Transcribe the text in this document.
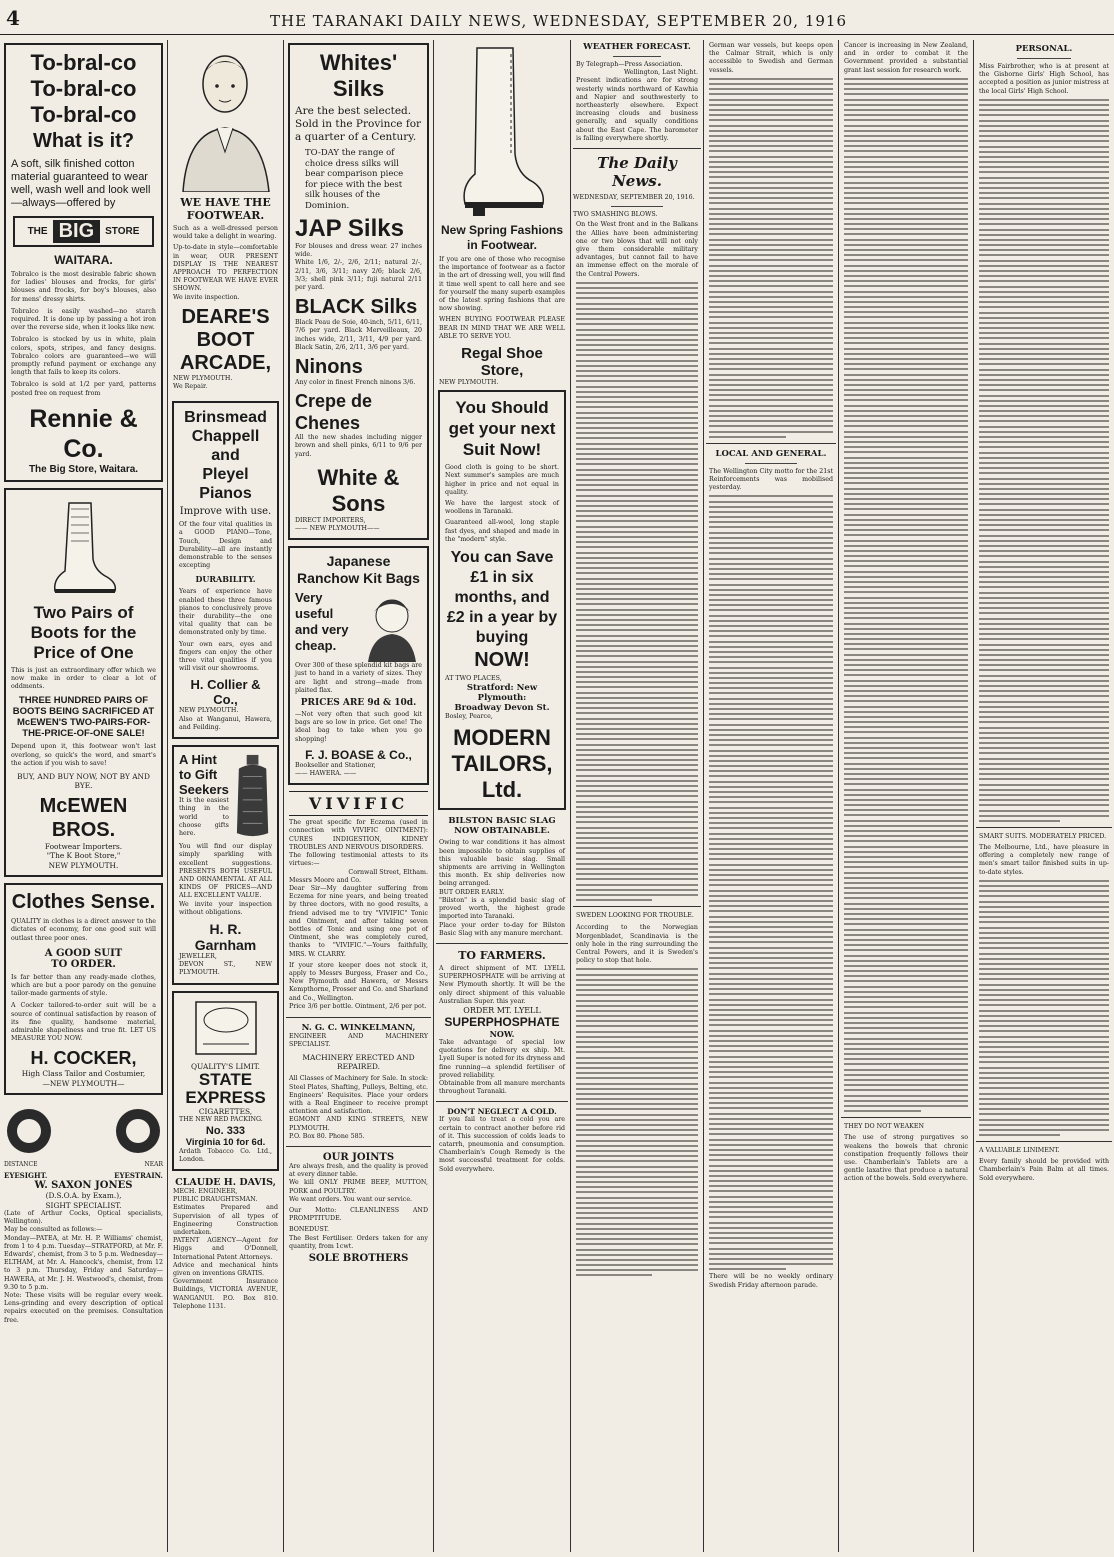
4	THE TARANAKI DAILY NEWS, WEDNESDAY, SEPTEMBER 20, 1916
To-bral-co
To-bral-co
To-bral-co
What is it?
A soft, silk finished cotton material guaranteed to wear well, wash well and look well—always—offered by
THE BIG	STORE
WAITARA.
Tobralco is the most desirable fabric shown for ladies' blouses and frocks, for girls' blouses and frocks, for boy's blouses, also for mens' dressy shirts.
Tobralco is easily washed—no starch required. It is done up by passing a hot iron over the reverse side, when it looks like new.
Tobralco is stocked by us in white, plain colors, spots, stripes, and fancy designs. Tobralco colors are guaranteed—we will promptly refund payment or exchange any length that fails to keep its colors.
Tobralco is sold at 1/2 per yard, patterns posted free on request from
Rennie & Co.
The Big Store, Waitara.
Two Pairs of Boots for the Price of One
This is just an extraordinary offer which we now make in order to clear a lot of oddments.
THREE HUNDRED PAIRS OF BOOTS BEING SACRIFICED AT McEWEN'S TWO-PAIRS-FOR-THE-PRICE-OF-ONE SALE!
Depend upon it, this footwear won't last overlong, so quick's the word, and smart's the action if you wish to save!
BUY, AND BUY NOW, NOT BY AND BYE.
McEWEN BROS.
Footwear Importers.
"The K Boot Store,"
NEW PLYMOUTH.
Clothes Sense.
QUALITY in clothes is a direct answer to the dictates of economy, for one good suit will outlast three poor ones.
A GOOD SUIT
TO ORDER.
Is far better than any ready-made clothes, which are but a poor parody on the genuine tailor-made garments of style.
A Cocker tailored-to-order suit will be a source of continual satisfaction by reason of its fine quality, handsome material, admirable shapeliness and true fit. LET US MEASURE YOU NOW.
H. COCKER,
High Class Tailor and Costumier,
—NEW PLYMOUTH—
DISTANCE	NEAR
EYESIGHT.	EYESTRAIN.
W. SAXON JONES
(D.S.O.A. by Exam.),
SIGHT SPECIALIST.
(Late of Arthur Cocks, Optical specialists, Wellington).
May be consulted as follows:—
Monday—PATEA, at Mr. H. P. Williams' chemist, from 1 to 4 p.m. Tuesday—STRATFORD, at Mr. F. Edwards', chemist, from 3 to 5 p.m. Wednesday—ELTHAM, at Mr. A. Hancock's, chemist, from 12 to 3 p.m. Thursday, Friday and Saturday—HAWERA, at Mr. J. H. Westwood's, chemist, from 9.30 to 5 p.m.
Note: These visits will be regular every week. Lens-grinding and every description of optical repairs executed on the premises. Consultation free.
WE HAVE THE FOOTWEAR.
Such as a well-dressed person would take a delight in wearing.
Up-to-date in style—comfortable in wear, OUR PRESENT DISPLAY IS THE NEAREST APPROACH TO PERFECTION IN FOOTWEAR WE HAVE EVER SHOWN.
We invite inspection.
DEARE'S
BOOT
ARCADE,
NEW PLYMOUTH.
We Repair.
Brinsmead
Chappell and
Pleyel
Pianos
Improve with use.
Of the four vital qualities in a GOOD PIANO—Tone, Touch, Design and Durability—all are instantly demonstrable to the senses excepting
DURABILITY.
Years of experience have enabled these three famous pianos to conclusively prove their durability—the one vital quality that can be demonstrated only by time.
Your own ears, eyes and fingers can enjoy the other three vital qualities if you will visit our showrooms.
H. Collier & Co.,
NEW PLYMOUTH.
Also at Wanganui, Hawera, and Feilding.
A Hint
to Gift
Seekers
It is the easiest thing in the world to choose gifts here.
You will find our display simply sparkling with excellent suggestions. PRESENTS BOTH USEFUL AND ORNAMENTAL AT ALL KINDS OF PRICES—AND ALL EXCELLENT VALUE.
We invite your inspection without obligations.
H. R. Garnham
JEWELLER,
DEVON ST., NEW PLYMOUTH.
QUALITY'S LIMIT.
STATE
EXPRESS
CIGARETTES,
THE NEW RED PACKING.
No. 333
Virginia 10 for 6d.
Ardath Tobacco Co. Ltd., London.
CLAUDE H. DAVIS,
MECH. ENGINEER,
PUBLIC DRAUGHTSMAN.
Estimates Prepared and Supervision of all types of Engineering Construction undertaken.
PATENT AGENCY—Agent for Higgs and O'Donnell, International Patent Attorneys.
Advice and mechanical hints given on inventions GRATIS.
Government Insurance Buildings, VICTORIA AVENUE, WANGANUI. P.O. Box 810. Telephone 1131.
Whites' Silks
Are the best selected. Sold in the Province for a quarter of a Century.
TO-DAY the range of choice dress silks will bear comparison piece for piece with the best silk houses of the Dominion.
JAP Silks
For blouses and dress wear. 27 inches wide.
White 1/6, 2/-, 2/6, 2/11; natural 2/-, 2/11, 3/6, 3/11; navy 2/6; black 2/6, 3/3; shell pink 3/11; fuji natural 2/11 per yard.
BLACK Silks
Black Peau de Soie, 40-inch, 5/11, 6/11, 7/6 per yard. Black Merveilleaux, 20 inches wide, 2/11, 3/11, 4/9 per yard. Black Satin, 2/6, 2/11, 3/6 per yard.
Ninons
Any color in finest French ninons 3/6.
Crepe de Chenes
All the new shades including nigger brown and shell pinks, 6/11 to 9/6 per yard.
White & Sons
DIRECT IMPORTERS,
—— NEW PLYMOUTH——
Japanese Ranchow Kit Bags
Very useful and very cheap.
Over 300 of these splendid kit bags are just to hand in a variety of sizes. They are light and strong—made from plaited flax.
PRICES ARE 9d & 10d.
—Not very often that such good kit bags are so low in price. Get one! The ideal bag to take when you go shopping!
F. J. BOASE & Co.,
Bookseller and Stationer,
—— HAWERA. ——
VIVIFIC
The great specific for Eczema (used in connection with VIVIFIC OINTMENT): CURES INDIGESTION, KIDNEY TROUBLES AND NERVOUS DISORDERS.
The following testimonial attests to its virtues:—
Cornwall Street, Eltham.
Messrs Moore and Co.
Dear Sir—My daughter suffering from Eczema for nine years, and being treated by three doctors, with no good results, a friend advised me to try "VIVIFIC" Tonic and Ointment, and after taking seven bottles of Tonic and using one pot of Ointment, she was completely cured, thanks to "VIVIFIC."—Yours faithfully, MRS. W. CLARRY.
If your store keeper does not stock it, apply to Messrs Burgess, Fraser and Co., New Plymouth and Hawera, or Messrs Kempthorne, Prosser and Co. and Sharland and Co., Wellington.
Price 3/6 per bottle. Ointment, 2/6 per pot.
N. G. C. WINKELMANN,
ENGINEER AND MACHINERY SPECIALIST.
MACHINERY ERECTED AND REPAIRED.
All Classes of Machinery for Sale. In stock: Steel Plates, Shafting, Pulleys, Belting, etc. Engineers' Requisites. Place your orders with a Real Engineer to receive prompt attention and satisfaction.
EGMONT AND KING STREETS, NEW PLYMOUTH.
P.O. Box 80. Phone 585.
OUR JOINTS
Are always fresh, and the quality is proved at every dinner table.
We kill ONLY PRIME BEEF, MUTTON, PORK and POULTRY.
We want orders. You want our service.
Our Motto: CLEANLINESS AND PROMPTITUDE.
BONEDUST.
The Best Fertiliser. Orders taken for any quantity, from 1cwt.
SOLE BROTHERS
New Spring Fashions in Footwear.
If you are one of those who recognise the importance of footwear as a factor in the art of dressing well, you will find it time well spent to call here and see for yourself the many superb examples of the latest spring fashions that are now showing.
WHEN BUYING FOOTWEAR PLEASE BEAR IN MIND THAT WE ARE WELL ABLE TO SERVE YOU.
Regal Shoe Store,
NEW PLYMOUTH.
You Should get your next Suit Now!
Good cloth is going to be short. Next summer's samples are much higher in price and not equal in quality.
We have the largest stock of woollens in Taranaki.
Guaranteed all-wool, long staple fast dyes, and shaped and made in the "modern" style.
You can Save £1 in six months, and £2 in a year by buying
NOW!
AT TWO PLACES,
Stratford: New Plymouth:
Broadway Devon St.
Bosley, Pearce,
MODERN TAILORS, Ltd.
BILSTON BASIC SLAG NOW OBTAINABLE.
Owing to war conditions it has almost been impossible to obtain supplies of this valuable basic slag. Small shipments are arriving in Wellington this month. Ex ship deliveries now being arranged.
BUT ORDER EARLY.
"Bilston" is a splendid basic slag of proved worth, the highest grade imported into Taranaki.
Place your order to-day for Bilston Basic Slag with any manure merchant.
TO FARMERS.
A direct shipment of MT. LYELL SUPERPHOSPHATE will be arriving at New Plymouth shortly. It will be the only direct shipment of this valuable Australian Super. this year.
ORDER MT. LYELL
SUPERPHOSPHATE
NOW.
Take advantage of special low quotations for delivery ex ship. Mt. Lyell Super is noted for its dryness and fine running—a splendid fertiliser of proved reliability.
Obtainable from all manure merchants throughout Taranaki.
DON'T NEGLECT A COLD.
If you fail to treat a cold you are certain to contract another before rid of it. This succession of colds leads to catarrh, pneumonia and consumption. Chamberlain's Cough Remedy is the most successful treatment for colds. Sold everywhere.
WEATHER FORECAST.
By Telegraph—Press Association.
Wellington, Last Night.
Present indications are for strong westerly winds northward of Kawhia and Napier and southwesterly to northeasterly elsewhere. Expect increasing clouds and business generally, and squally conditions about the East Cape. The barometer is falling everywhere shortly.
The Daily News.
WEDNESDAY, SEPTEMBER 20, 1916.
TWO SMASHING BLOWS.
On the West front and in the Balkans the Allies have been administering one or two blows that will not only give them considerable military advantages, but cannot fail to have an immense effect on the morale of the Central Powers.
SWEDEN LOOKING FOR TROUBLE.
According to the Norwegian Morgenbladet, Scandinavia is the only hole in the ring surrounding the Central Powers, and it is Sweden's policy to stop that hole.
German war vessels, but keeps open the Calmar Strait, which is only accessible to Swedish and German vessels.
LOCAL AND GENERAL.
The Wellington City motto for the 21st Reinforcements was mobilised yesterday.
There will be no weekly ordinary Swedish Friday afternoon parade.
Cancer is increasing in New Zealand, and in order to combat it the Government provided a substantial grant last session for research work.
THEY DO NOT WEAKEN
The use of strong purgatives so weakens the bowels that chronic constipation frequently follows their use. Chamberlain's Tablets are a gentle laxative that produce a natural action of the bowels. Sold everywhere.
PERSONAL.
Miss Fairbrother, who is at present at the Gisborne Girls' High School, has accepted a position as junior mistress at the local Girls' High School.
SMART SUITS. MODERATELY PRICED.
The Melbourne, Ltd., have pleasure in offering a completely new range of men's smart tailor finished suits in up-to-date styles.
A VALUABLE LINIMENT.
Every family should be provided with Chamberlain's Pain Balm at all times. Sold everywhere.
